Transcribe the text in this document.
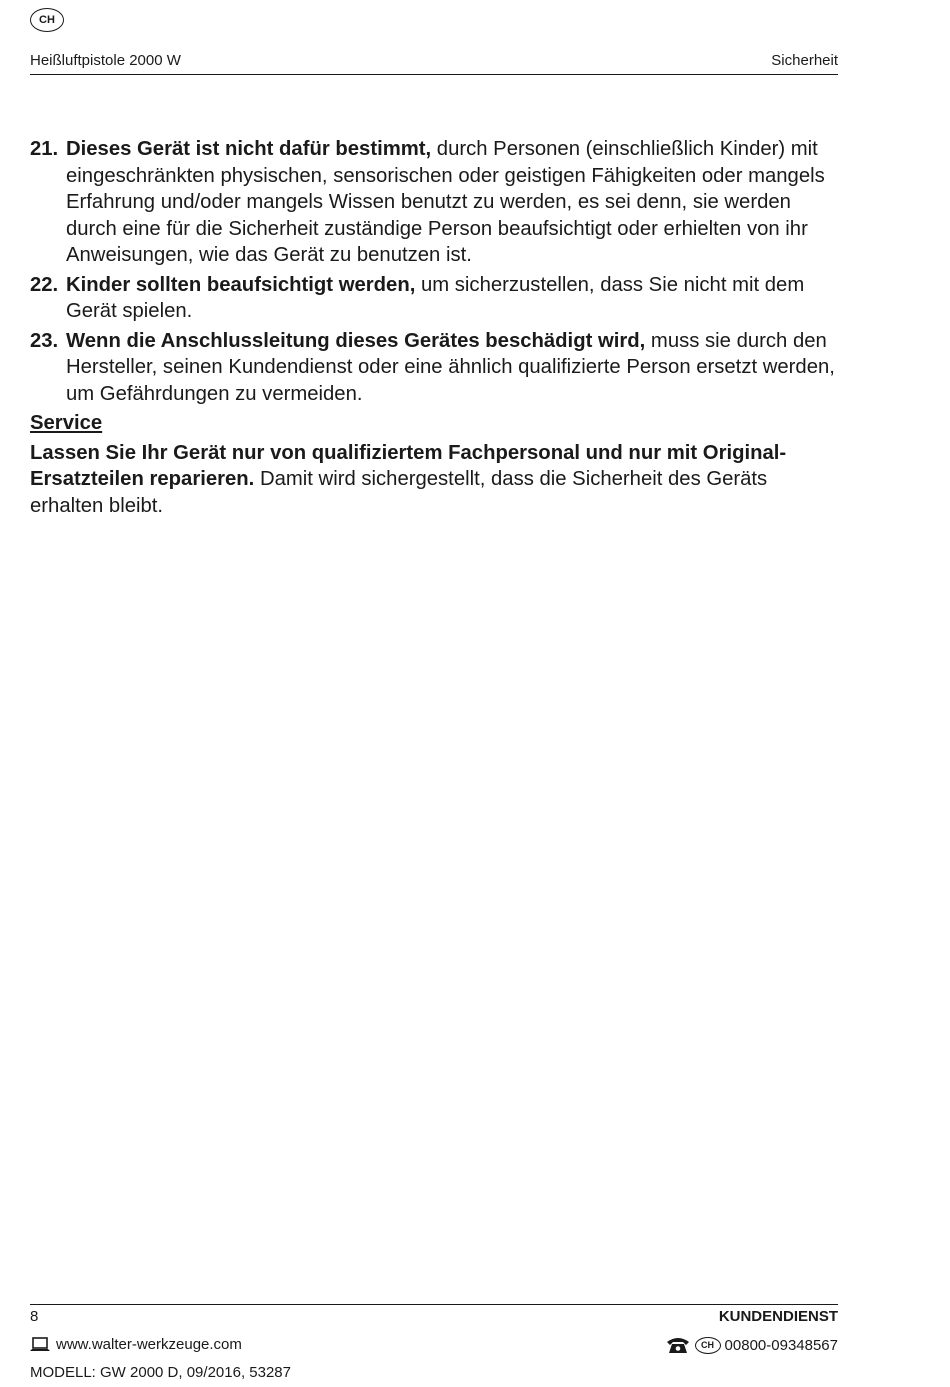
CH
Heißluftpistole 2000 W	Sicherheit
21. Dieses Gerät ist nicht dafür bestimmt, durch Personen (einschließlich Kinder) mit eingeschränkten physischen, sensorischen oder geistigen Fähigkeiten oder mangels Erfahrung und/oder mangels Wissen benutzt zu werden, es sei denn, sie werden durch eine für die Sicherheit zuständige Person beaufsichtigt oder erhielten von ihr Anweisungen, wie das Gerät zu benutzen ist.
22. Kinder sollten beaufsichtigt werden, um sicherzustellen, dass Sie nicht mit dem Gerät spielen.
23. Wenn die Anschlussleitung dieses Gerätes beschädigt wird, muss sie durch den Hersteller, seinen Kundendienst oder eine ähnlich qualifizierte Person ersetzt werden, um Gefährdungen zu vermeiden.
Service
Lassen Sie Ihr Gerät nur von qualifiziertem Fachpersonal und nur mit Original-Ersatzteilen reparieren. Damit wird sichergestellt, dass die Sicherheit des Geräts erhalten bleibt.
8	KUNDENDIENST
www.walter-werkzeuge.com	CH 00800-09348567
MODELL: GW 2000 D, 09/2016, 53287
